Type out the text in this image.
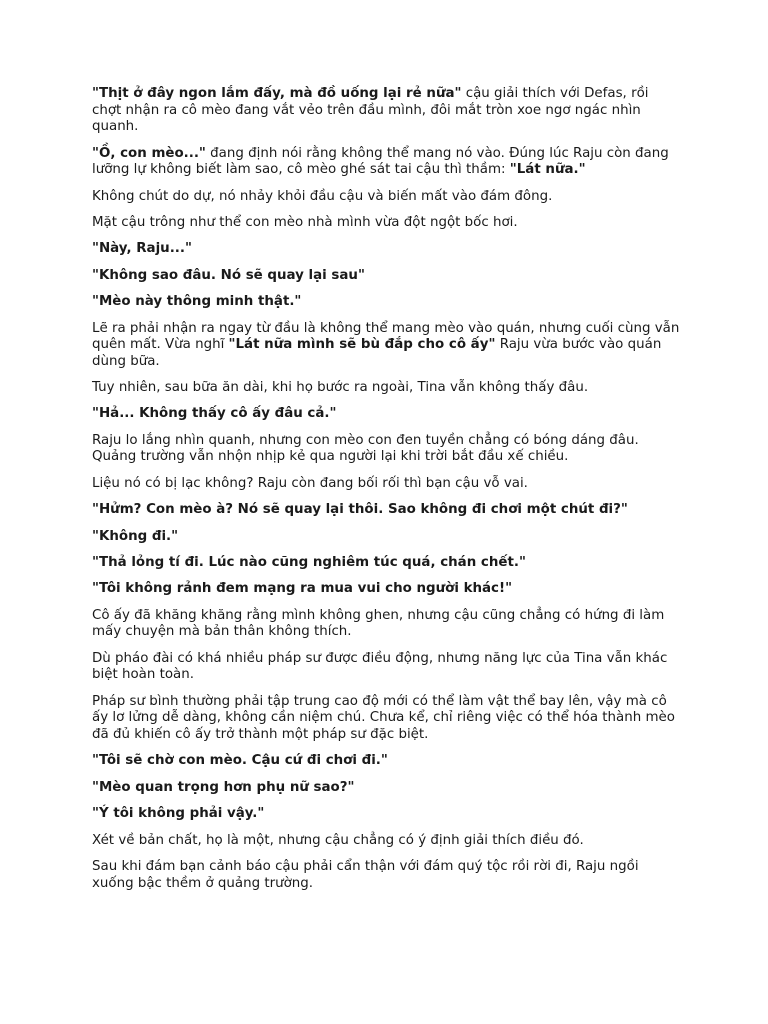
"Thịt ở đây ngon lắm đấy, mà đồ uống lại rẻ nữa" cậu giải thích với Defas, rồi chợt nhận ra cô mèo đang vắt vẻo trên đầu mình, đôi mắt tròn xoe ngơ ngác nhìn quanh.

"Ồ, con mèo..." đang định nói rằng không thể mang nó vào. Đúng lúc Raju còn đang lưỡng lự không biết làm sao, cô mèo ghé sát tai cậu thì thầm: "Lát nữa."

Không chút do dự, nó nhảy khỏi đầu cậu và biến mất vào đám đông.

Mặt cậu trông như thể con mèo nhà mình vừa đột ngột bốc hơi.

"Này, Raju..."

"Không sao đâu. Nó sẽ quay lại sau"

"Mèo này thông minh thật."

Lẽ ra phải nhận ra ngay từ đầu là không thể mang mèo vào quán, nhưng cuối cùng vẫn quên mất. Vừa nghĩ "Lát nữa mình sẽ bù đắp cho cô ấy" Raju vừa bước vào quán dùng bữa.

Tuy nhiên, sau bữa ăn dài, khi họ bước ra ngoài, Tina vẫn không thấy đâu.

"Hả... Không thấy cô ấy đâu cả."

Raju lo lắng nhìn quanh, nhưng con mèo con đen tuyền chẳng có bóng dáng đâu. Quảng trường vẫn nhộn nhịp kẻ qua người lại khi trời bắt đầu xế chiều.

Liệu nó có bị lạc không? Raju còn đang bối rối thì bạn cậu vỗ vai.

"Hửm? Con mèo à? Nó sẽ quay lại thôi. Sao không đi chơi một chút đi?"

"Không đi."

"Thả lỏng tí đi. Lúc nào cũng nghiêm túc quá, chán chết."

"Tôi không rảnh đem mạng ra mua vui cho người khác!"

Cô ấy đã khăng khăng rằng mình không ghen, nhưng cậu cũng chẳng có hứng đi làm mấy chuyện mà bản thân không thích.

Dù pháo đài có khá nhiều pháp sư được điều động, nhưng năng lực của Tina vẫn khác biệt hoàn toàn.

Pháp sư bình thường phải tập trung cao độ mới có thể làm vật thể bay lên, vậy mà cô ấy lơ lửng dễ dàng, không cần niệm chú. Chưa kể, chỉ riêng việc có thể hóa thành mèo đã đủ khiến cô ấy trở thành một pháp sư đặc biệt.

"Tôi sẽ chờ con mèo. Cậu cứ đi chơi đi."

"Mèo quan trọng hơn phụ nữ sao?"

"Ý tôi không phải vậy."

Xét về bản chất, họ là một, nhưng cậu chẳng có ý định giải thích điều đó.

Sau khi đám bạn cảnh báo cậu phải cẩn thận với đám quý tộc rồi rời đi, Raju ngồi xuống bậc thềm ở quảng trường.
